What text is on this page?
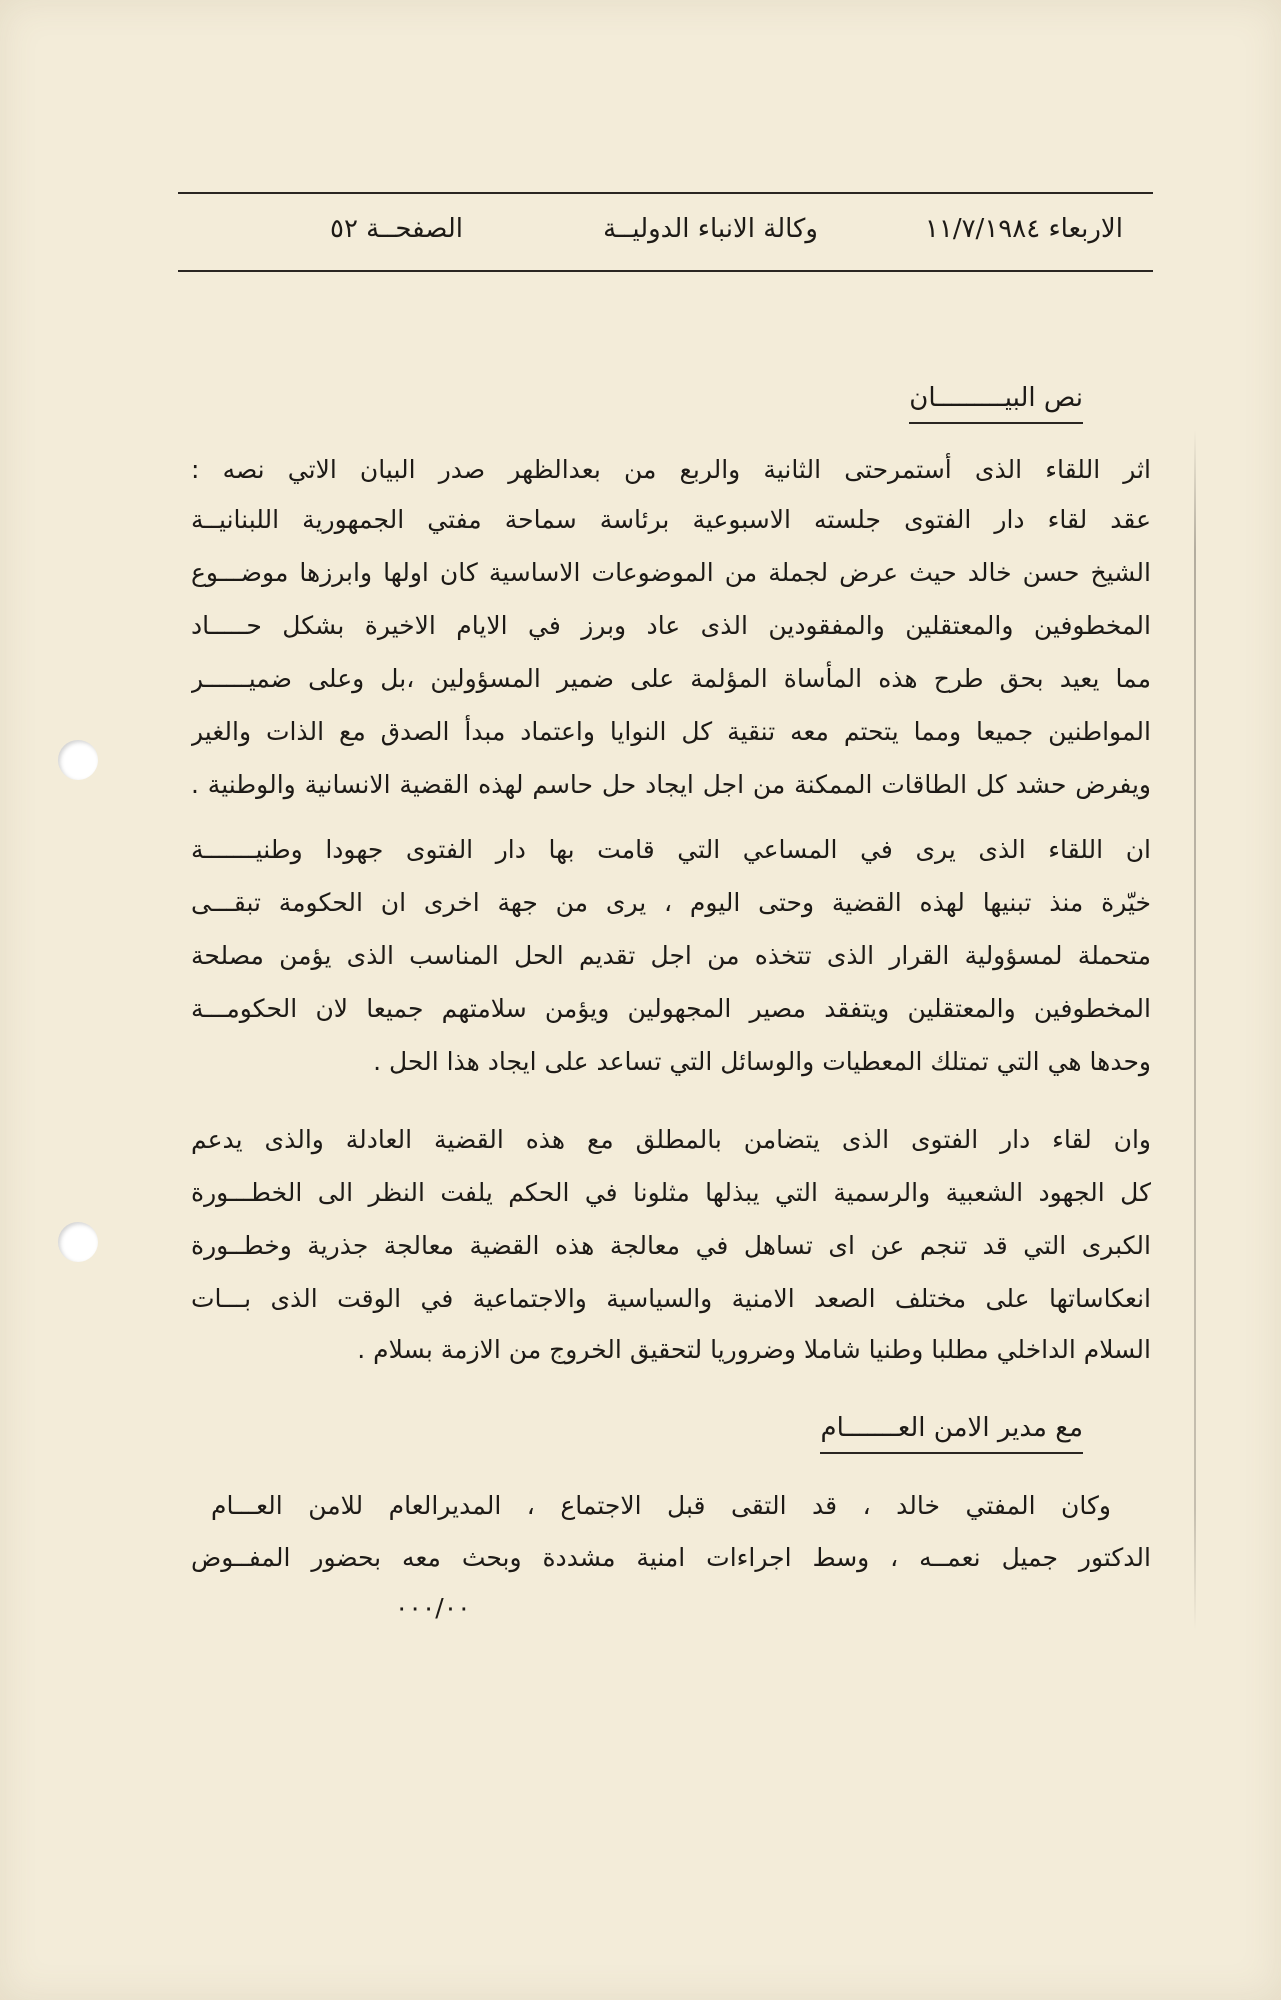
الاربعاء ١١/٧/١٩٨٤
وكالة الانباء الدوليــة
الصفحــة ٥٢
نص البيـــــــــان
اثر اللقاء الذى أستمرحتى الثانية والربع من بعدالظهر صدر البيان الاتي نصه :
عقد لقاء دار الفتوى جلسته الاسبوعية برئاسة سماحة مفتي الجمهورية اللبنانيــة
الشيخ حسن خالد حيث عرض لجملة من الموضوعات الاساسية كان اولها وابرزها موضـــوع
المخطوفين والمعتقلين والمفقودين الذى عاد وبرز في الايام الاخيرة بشكل حـــــاد
مما يعيد بحق طرح هذه المأساة المؤلمة على ضمير المسؤولين ،بل وعلى ضميــــــر
المواطنين جميعا ومما يتحتم معه تنقية كل النوايا واعتماد مبدأ الصدق مع الذات والغير
ويفرض حشد كل الطاقات الممكنة من اجل ايجاد حل حاسم لهذه القضية الانسانية والوطنية .
ان اللقاء الذى يرى في المساعي التي قامت بها دار الفتوى جهودا وطنيـــــــة
خيّرة منذ تبنيها لهذه القضية وحتى اليوم ، يرى من جهة اخرى ان الحكومة تبقـــى
متحملة لمسؤولية القرار الذى تتخذه من اجل تقديم الحل المناسب الذى يؤمن مصلحة
المخطوفين والمعتقلين ويتفقد مصير المجهولين ويؤمن سلامتهم جميعا لان الحكومـــة
وحدها هي التي تمتلك المعطيات والوسائل التي تساعد على ايجاد هذا الحل .
وان لقاء دار الفتوى الذى يتضامن بالمطلق مع هذه القضية العادلة والذى يدعم
كل الجهود الشعبية والرسمية التي يبذلها مثلونا في الحكم يلفت النظر الى الخطـــورة
الكبرى التي قد تنجم عن اى تساهل في معالجة هذه القضية معالجة جذرية وخطــورة
انعكاساتها على مختلف الصعد الامنية والسياسية والاجتماعية في الوقت الذى بـــات
السلام الداخلي مطلبا وطنيا شاملا وضروريا لتحقيق الخروج من الازمة بسلام .
مع مدير الامن العـــــــام
وكان المفتي خالد ، قد التقى قبل الاجتماع ، المديرالعام للامن العـــام
الدكتور جميل نعمــه ، وسط اجراءات امنية مشددة وبحث معه بحضور المفــوض
٠٠٠/٠٠
